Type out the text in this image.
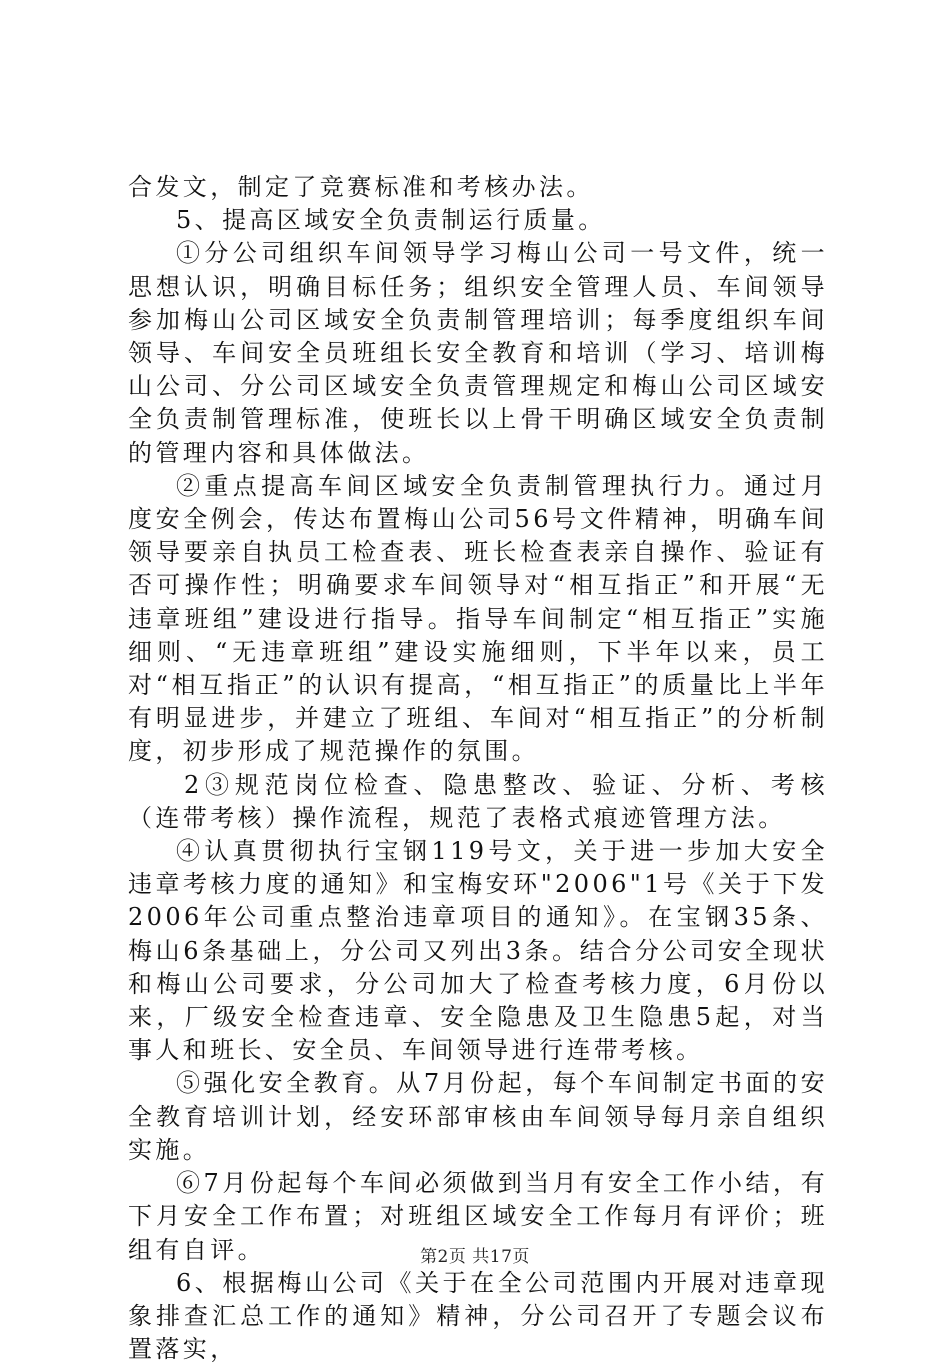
合发文，制定了竞赛标准和考核办法。

5、提高区域安全负责制运行质量。

①分公司组织车间领导学习梅山公司一号文件，统一思想认识，明确目标任务；组织安全管理人员、车间领导参加梅山公司区域安全负责制管理培训；每季度组织车间领导、车间安全员班组长安全教育和培训（学习、培训梅山公司、分公司区域安全负责管理规定和梅山公司区域安全负责制管理标准，使班长以上骨干明确区域安全负责制的管理内容和具体做法。

②重点提高车间区域安全负责制管理执行力。通过月度安全例会，传达布置梅山公司56号文件精神，明确车间领导要亲自执员工检查表、班长检查表亲自操作、验证有否可操作性；明确要求车间领导对“相互指正”和开展“无违章班组”建设进行指导。指导车间制定“相互指正”实施细则、“无违章班组”建设实施细则，下半年以来，员工对“相互指正”的认识有提高，“相互指正”的质量比上半年有明显进步，并建立了班组、车间对“相互指正”的分析制度，初步形成了规范操作的氛围。

2③规范岗位检查、隐患整改、验证、分析、考核（连带考核）操作流程，规范了表格式痕迹管理方法。

④认真贯彻执行宝钢119号文，关于进一步加大安全违章考核力度的通知》和宝梅安环"2006"1号《关于下发2006年公司重点整治违章项目的通知》。在宝钢35条、梅山6条基础上，分公司又列出3条。结合分公司安全现状和梅山公司要求，分公司加大了检查考核力度，6月份以来，厂级安全检查违章、安全隐患及卫生隐患5起，对当事人和班长、安全员、车间领导进行连带考核。

⑤强化安全教育。从7月份起，每个车间制定书面的安全教育培训计划，经安环部审核由车间领导每月亲自组织实施。

⑥7月份起每个车间必须做到当月有安全工作小结，有下月安全工作布置；对班组区域安全工作每月有评价；班组有自评。

6、根据梅山公司《关于在全公司范围内开展对违章现象排查汇总工作的通知》精神，分公司召开了专题会议布置落实，

第2页 共17页
